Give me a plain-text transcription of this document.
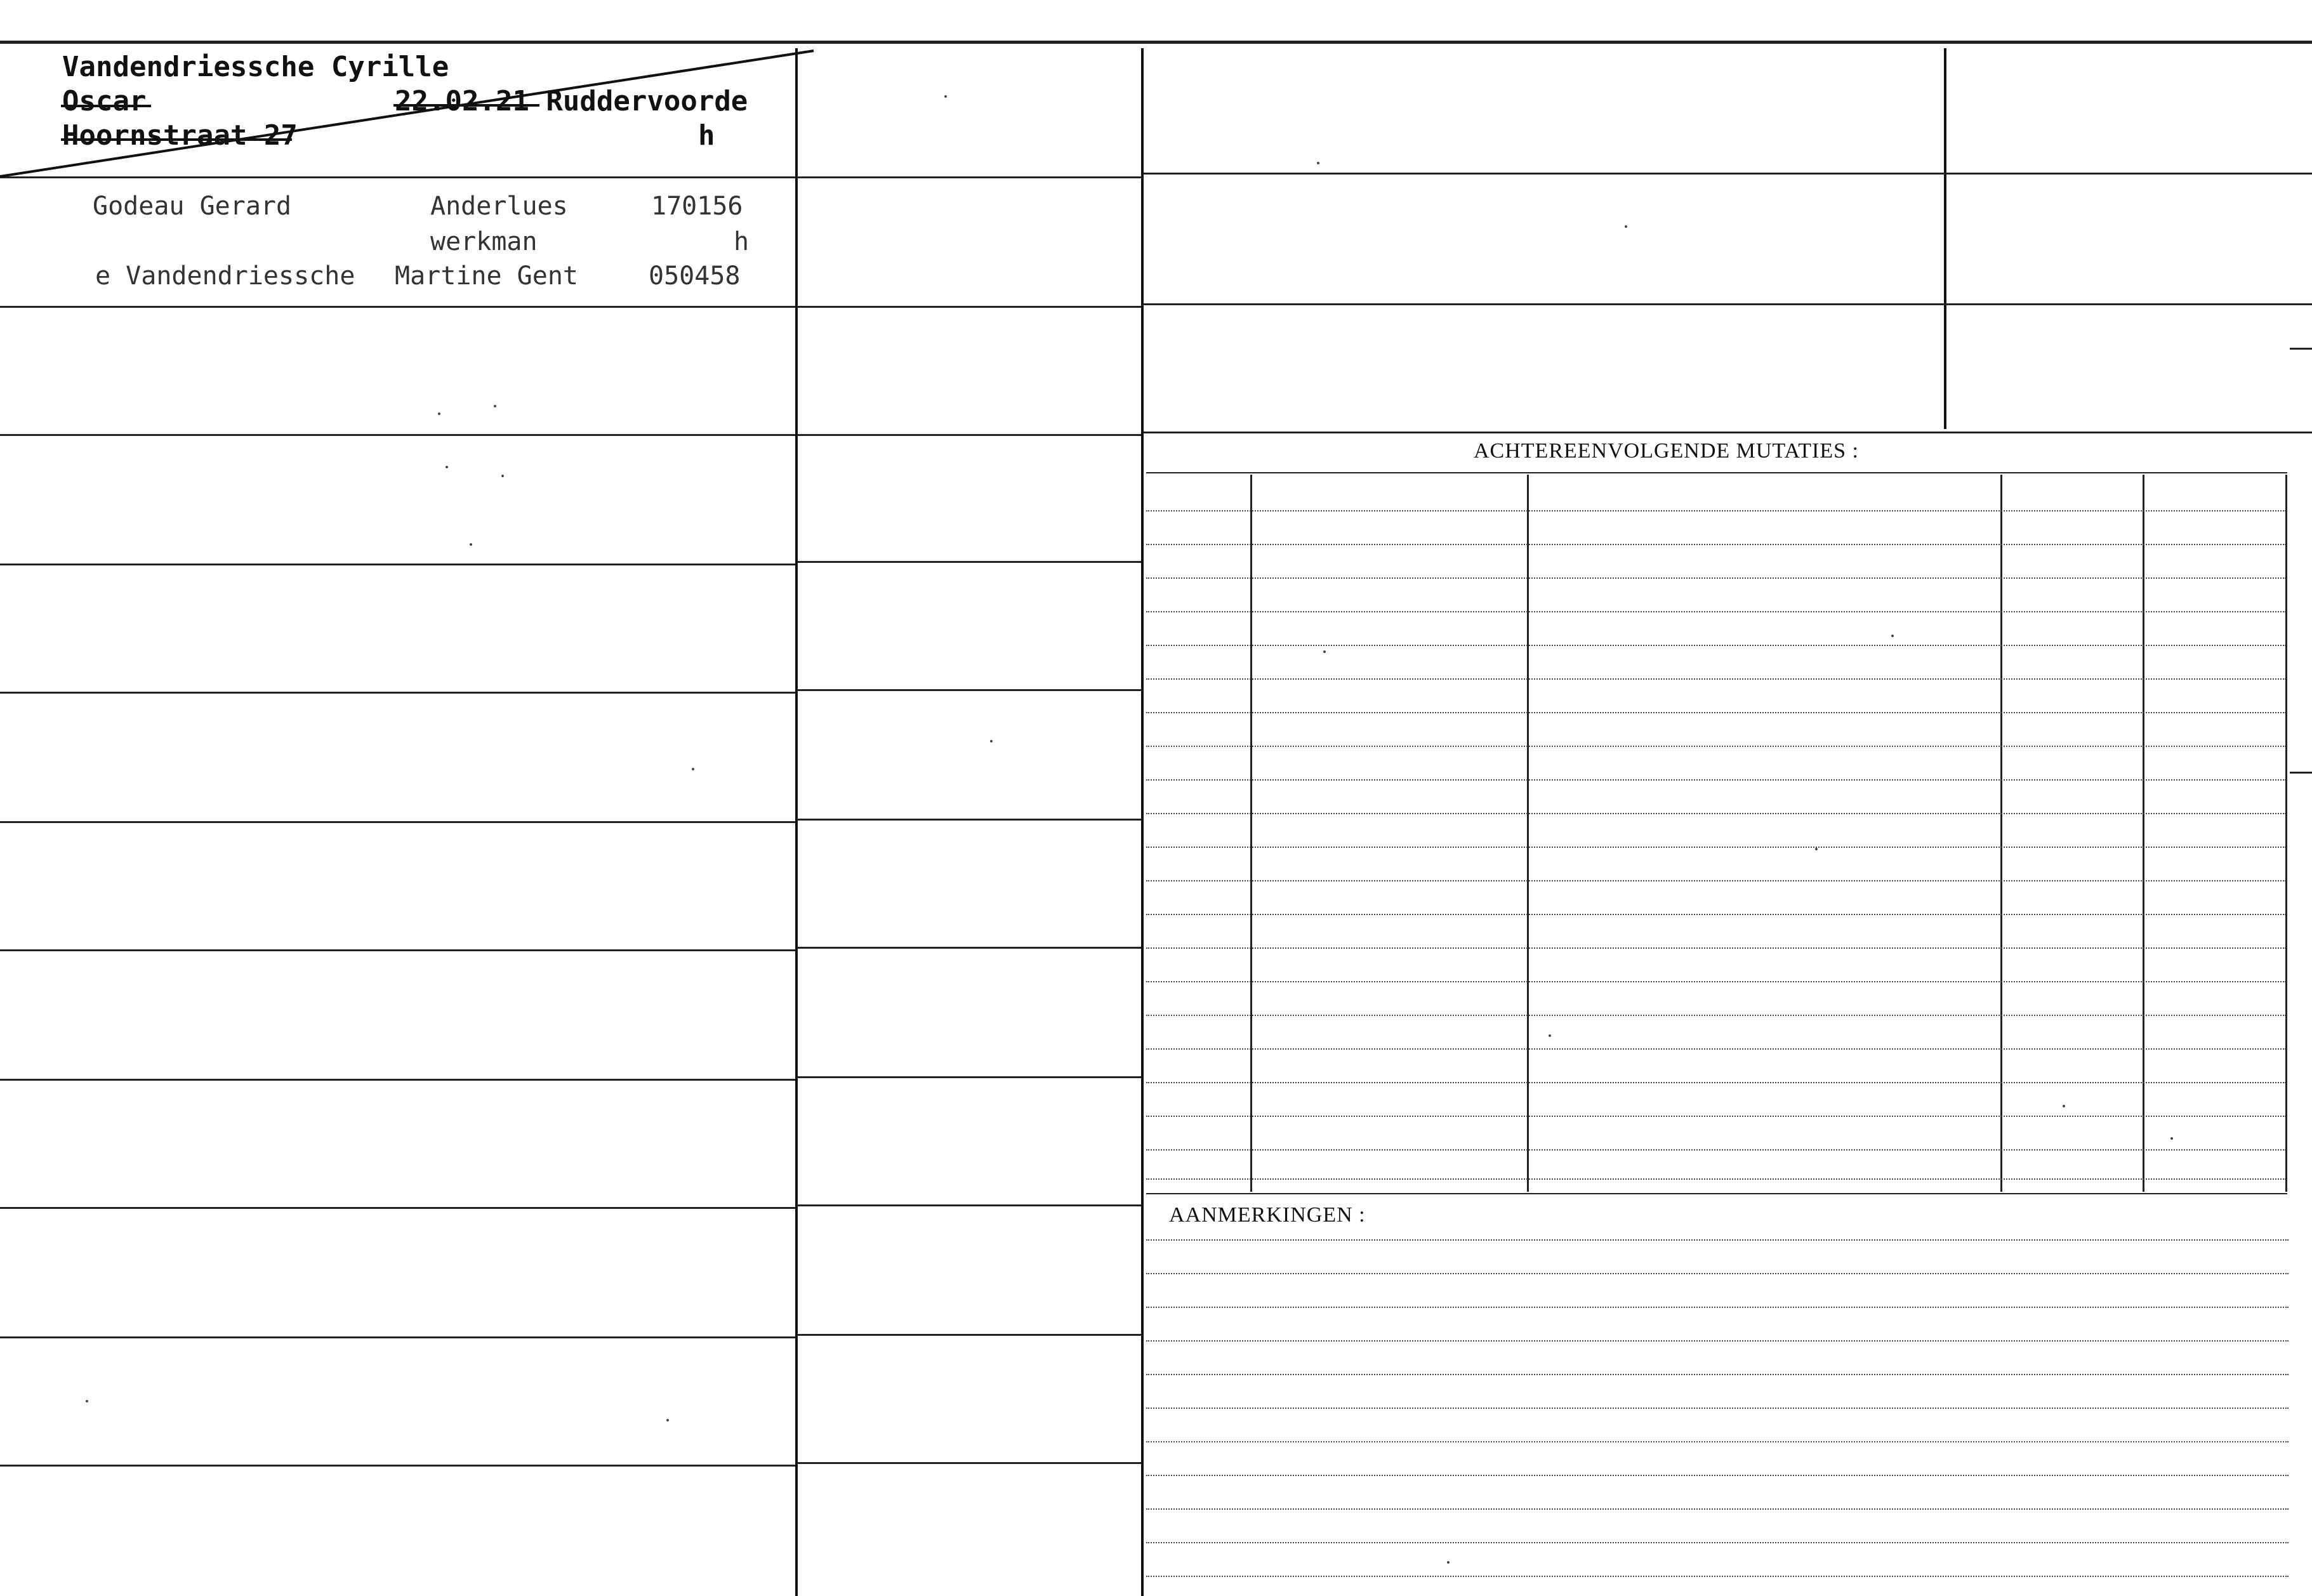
ACHTEREENVOLGENDE MUTATIES :
AANMERKINGEN :
Vandendriessche Cyrille
Oscar	22.02.21 Ruddervoorde
Hoornstraat 27	h
Godeau Gerard	Anderlues	170156
werkman	h
e Vandendriessche Martine Gent	050458
